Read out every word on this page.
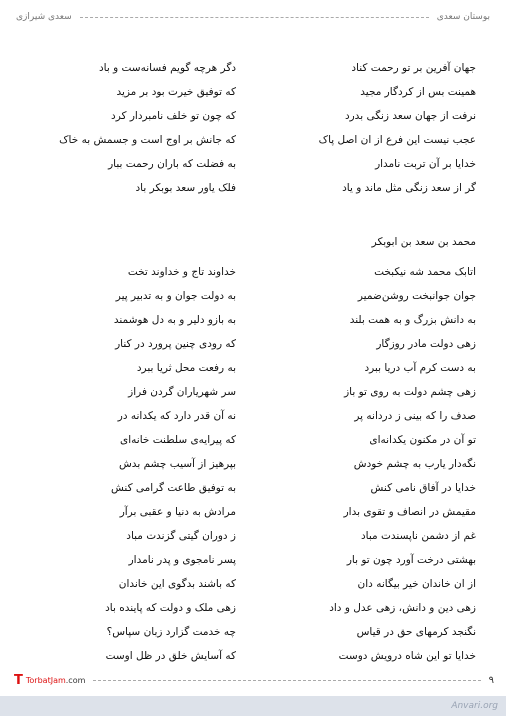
سعدی شیرازی	بوستان سعدی
جهان آفرین بر تو رحمت کناد
همینت بس از کردگار مجید
نرفت از جهان سعد زنگی بدرد
عجب نیست این فرع از ان اصل پاک
خدایا بر آن تربت نامدار
گر از سعد زنگی مثل ماند و یاد
دگر هرچه گویم فسانه‌ست و باد
که توفیق خیرت بود بر مزید
که چون تو خلف نامبردار کرد
که جانش بر اوج است و جسمش به خاک
به فضلت که باران رحمت ببار
فلک یاور سعد بوبکر باد
محمد بن سعد بن ابوبکر
اتابک محمد شه نیکبخت
جوان جوانبخت روشن‌ضمیر
به دانش بزرگ و به همت بلند
زهی دولت مادر روزگار
به دست کرم آب دریا ببرد
زهی چشم دولت به روی تو باز
صدف را که بینی ز دردانه پر
تو آن در مکنون یکدانه‌ای
نگه‌دار یارب به چشم خودش
خدایا در آفاق نامی کنش
مقیمش در انصاف و تقوی بدار
غم از دشمن ناپسندت مباد
بهشتی درخت آورد چون تو بار
از ان خاندان خیر بیگانه دان
زهی دین و دانش، زهی عدل و داد
نگنجد کرمهای حق در قیاس
خدایا تو این شاه درویش دوست
خداوند تاج و خداوند تخت
به دولت جوان و به تدبیر پیر
به بازو دلیر و به دل هوشمند
که رودی چنین پرورد در کنار
به رفعت محل ثریا ببرد
سر شهریاران گردن فراز
نه آن قدر دارد که یکدانه در
که پیرایه‌ی سلطنت خانه‌ای
بپرهیز از آسیب چشم بدش
به توفیق طاعت گرامی کنش
مرادش به دنیا و عقبی برآر
ز دوران گیتی گزندت مباد
پسر نامجوی و پدر نامدار
که باشند بدگوی این خاندان
زهی ملک و دولت که پاینده باد
چه خدمت گزارد زبان سپاس؟
که آسایش خلق در ظل اوست
T TorbatJam.com	۹
Anvari.org
